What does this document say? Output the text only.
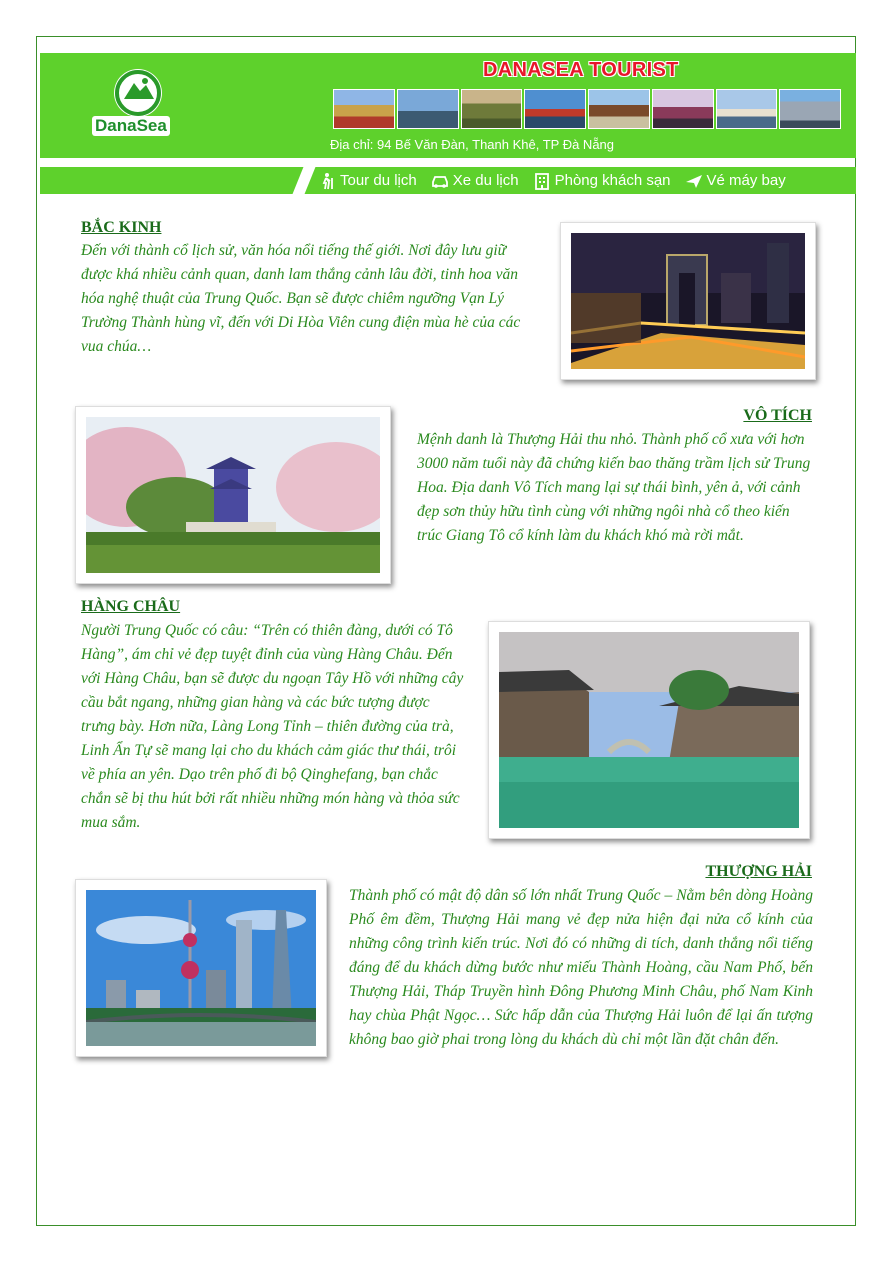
DanaSea
DANASEA TOURIST
Địa chỉ: 94 Bế Văn Đàn, Thanh Khê, TP Đà Nẵng
Tour du lịch Xe du lịch Phòng khách sạn Vé máy bay
BẮC KINH

Đến với thành cổ lịch sử, văn hóa nổi tiếng thế giới. Nơi đây lưu giữ được khá nhiều cảnh quan, danh lam thắng cảnh lâu đời, tinh hoa văn hóa nghệ thuật của Trung Quốc. Bạn sẽ được chiêm ngưỡng Vạn Lý Trường Thành hùng vĩ, đến với Di Hòa Viên cung điện mùa hè của các vua chúa…

VÔ TÍCH

Mệnh danh là Thượng Hải thu nhỏ. Thành phố cổ xưa với hơn 3000 năm tuổi này đã chứng kiến bao thăng trầm lịch sử Trung Hoa. Địa danh Vô Tích mang lại sự thái bình, yên ả, với cảnh đẹp sơn thủy hữu tình cùng với những ngôi nhà cổ theo kiến trúc Giang Tô cổ kính làm du khách khó mà rời mắt.

HÀNG CHÂU

Người Trung Quốc có câu: “Trên có thiên đàng, dưới có Tô Hàng”, ám chỉ vẻ đẹp tuyệt đỉnh của vùng Hàng Châu. Đến với Hàng Châu, bạn sẽ được du ngoạn Tây Hồ với những cây cầu bắt ngang, những gian hàng và các bức tượng được trưng bày. Hơn nữa, Làng Long Tỉnh – thiên đường của trà, Linh Ẩn Tự sẽ mang lại cho du khách cảm giác thư thái, trôi về phía an yên. Dạo trên phố đi bộ Qinghefang, bạn chắc chắn sẽ bị thu hút bởi rất nhiều những món hàng và thỏa sức mua sắm.

THƯỢNG HẢI

Thành phố có mật độ dân số lớn nhất Trung Quốc – Nằm bên dòng Hoàng Phố êm đềm, Thượng Hải mang vẻ đẹp nửa hiện đại nửa cổ kính của những công trình kiến trúc. Nơi đó có những di tích, danh thắng nổi tiếng đáng để du khách dừng bước như miếu Thành Hoàng, cầu Nam Phố, bến Thượng Hải, Tháp Truyền hình Đông Phương Minh Châu, phố Nam Kinh hay chùa Phật Ngọc… Sức hấp dẫn của Thượng Hải luôn để lại ấn tượng không bao giờ phai trong lòng du khách dù chỉ một lần đặt chân đến.
